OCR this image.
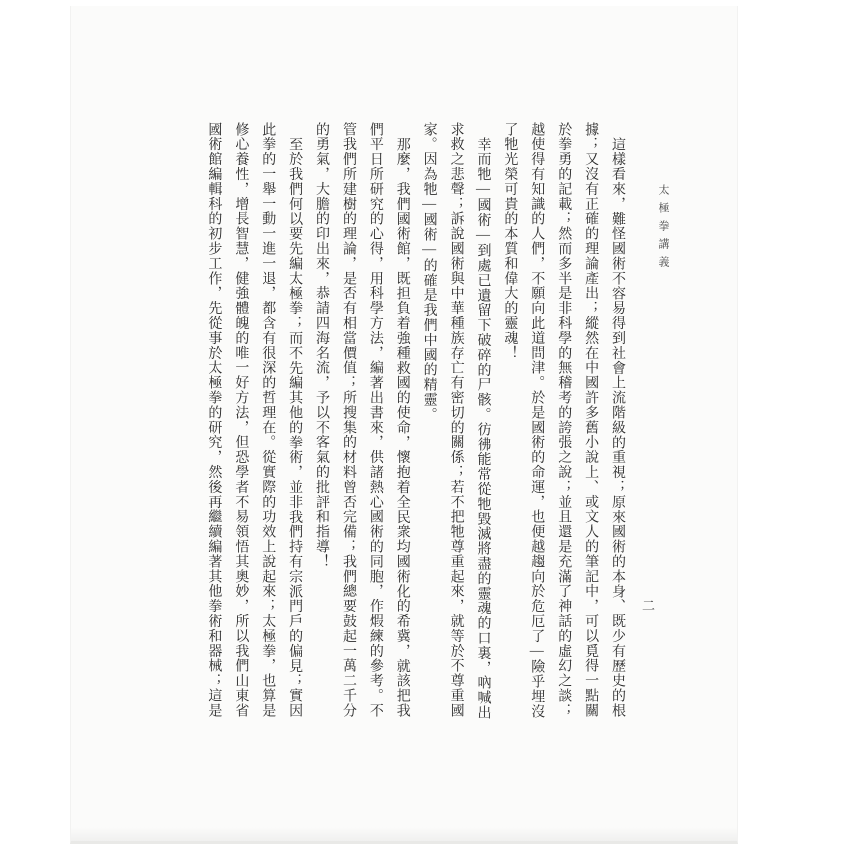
太極拳講義
二

這樣看來，難怪國術不容易得到社會上流階級的重視；原來國術的本身、既少有歷史的根據；又沒有正確的理論產出；縱然在中國許多舊小說上、或文人的筆記中，可以覓得一點關於拳勇的記載；然而多半是非科學的無稽考的誇張之說；並且還是充滿了神話的虛幻之談；越使得有知識的人們，不願向此道問津。於是國術的命運，也便越趨向於危厄了—險乎埋沒了牠光榮可貴的本質和偉大的靈魂！

幸而牠—國術—到處已遺留下破碎的尸骸。彷彿能常從牠毀滅將盡的靈魂的口裏，吶喊出求救之悲聲；訴說國術與中華種族存亡有密切的關係；若不把牠尊重起來，就等於不尊重國家。因為牠—國術—的確是我們中國的精靈。

那麼，我們國術館，既担負着強種救國的使命，懷抱着全民衆均國術化的希冀，就該把我們平日所研究的心得，用科學方法，編著出書來，供諸熱心國術的同胞，作煆練的參考。不管我們所建樹的理論，是否有相當價值；所搜集的材料曾否完備；我們總要鼓起一萬二千分的勇氣，大膽的印出來，恭請四海名流，予以不客氣的批評和指導！

至於我們何以要先編太極拳；而不先編其他的拳術，並非我們持有宗派門戶的偏見；實因此拳的一舉一動一進一退，都含有很深的哲理在。從實際的功效上說起來；太極拳，也算是修心養性，增長智慧，健強體魄的唯一好方法，但恐學者不易領悟其奧妙，所以我們山東省國術館編輯科的初步工作，先從事於太極拳的研究，然後再繼續編著其他拳術和器械；這是
